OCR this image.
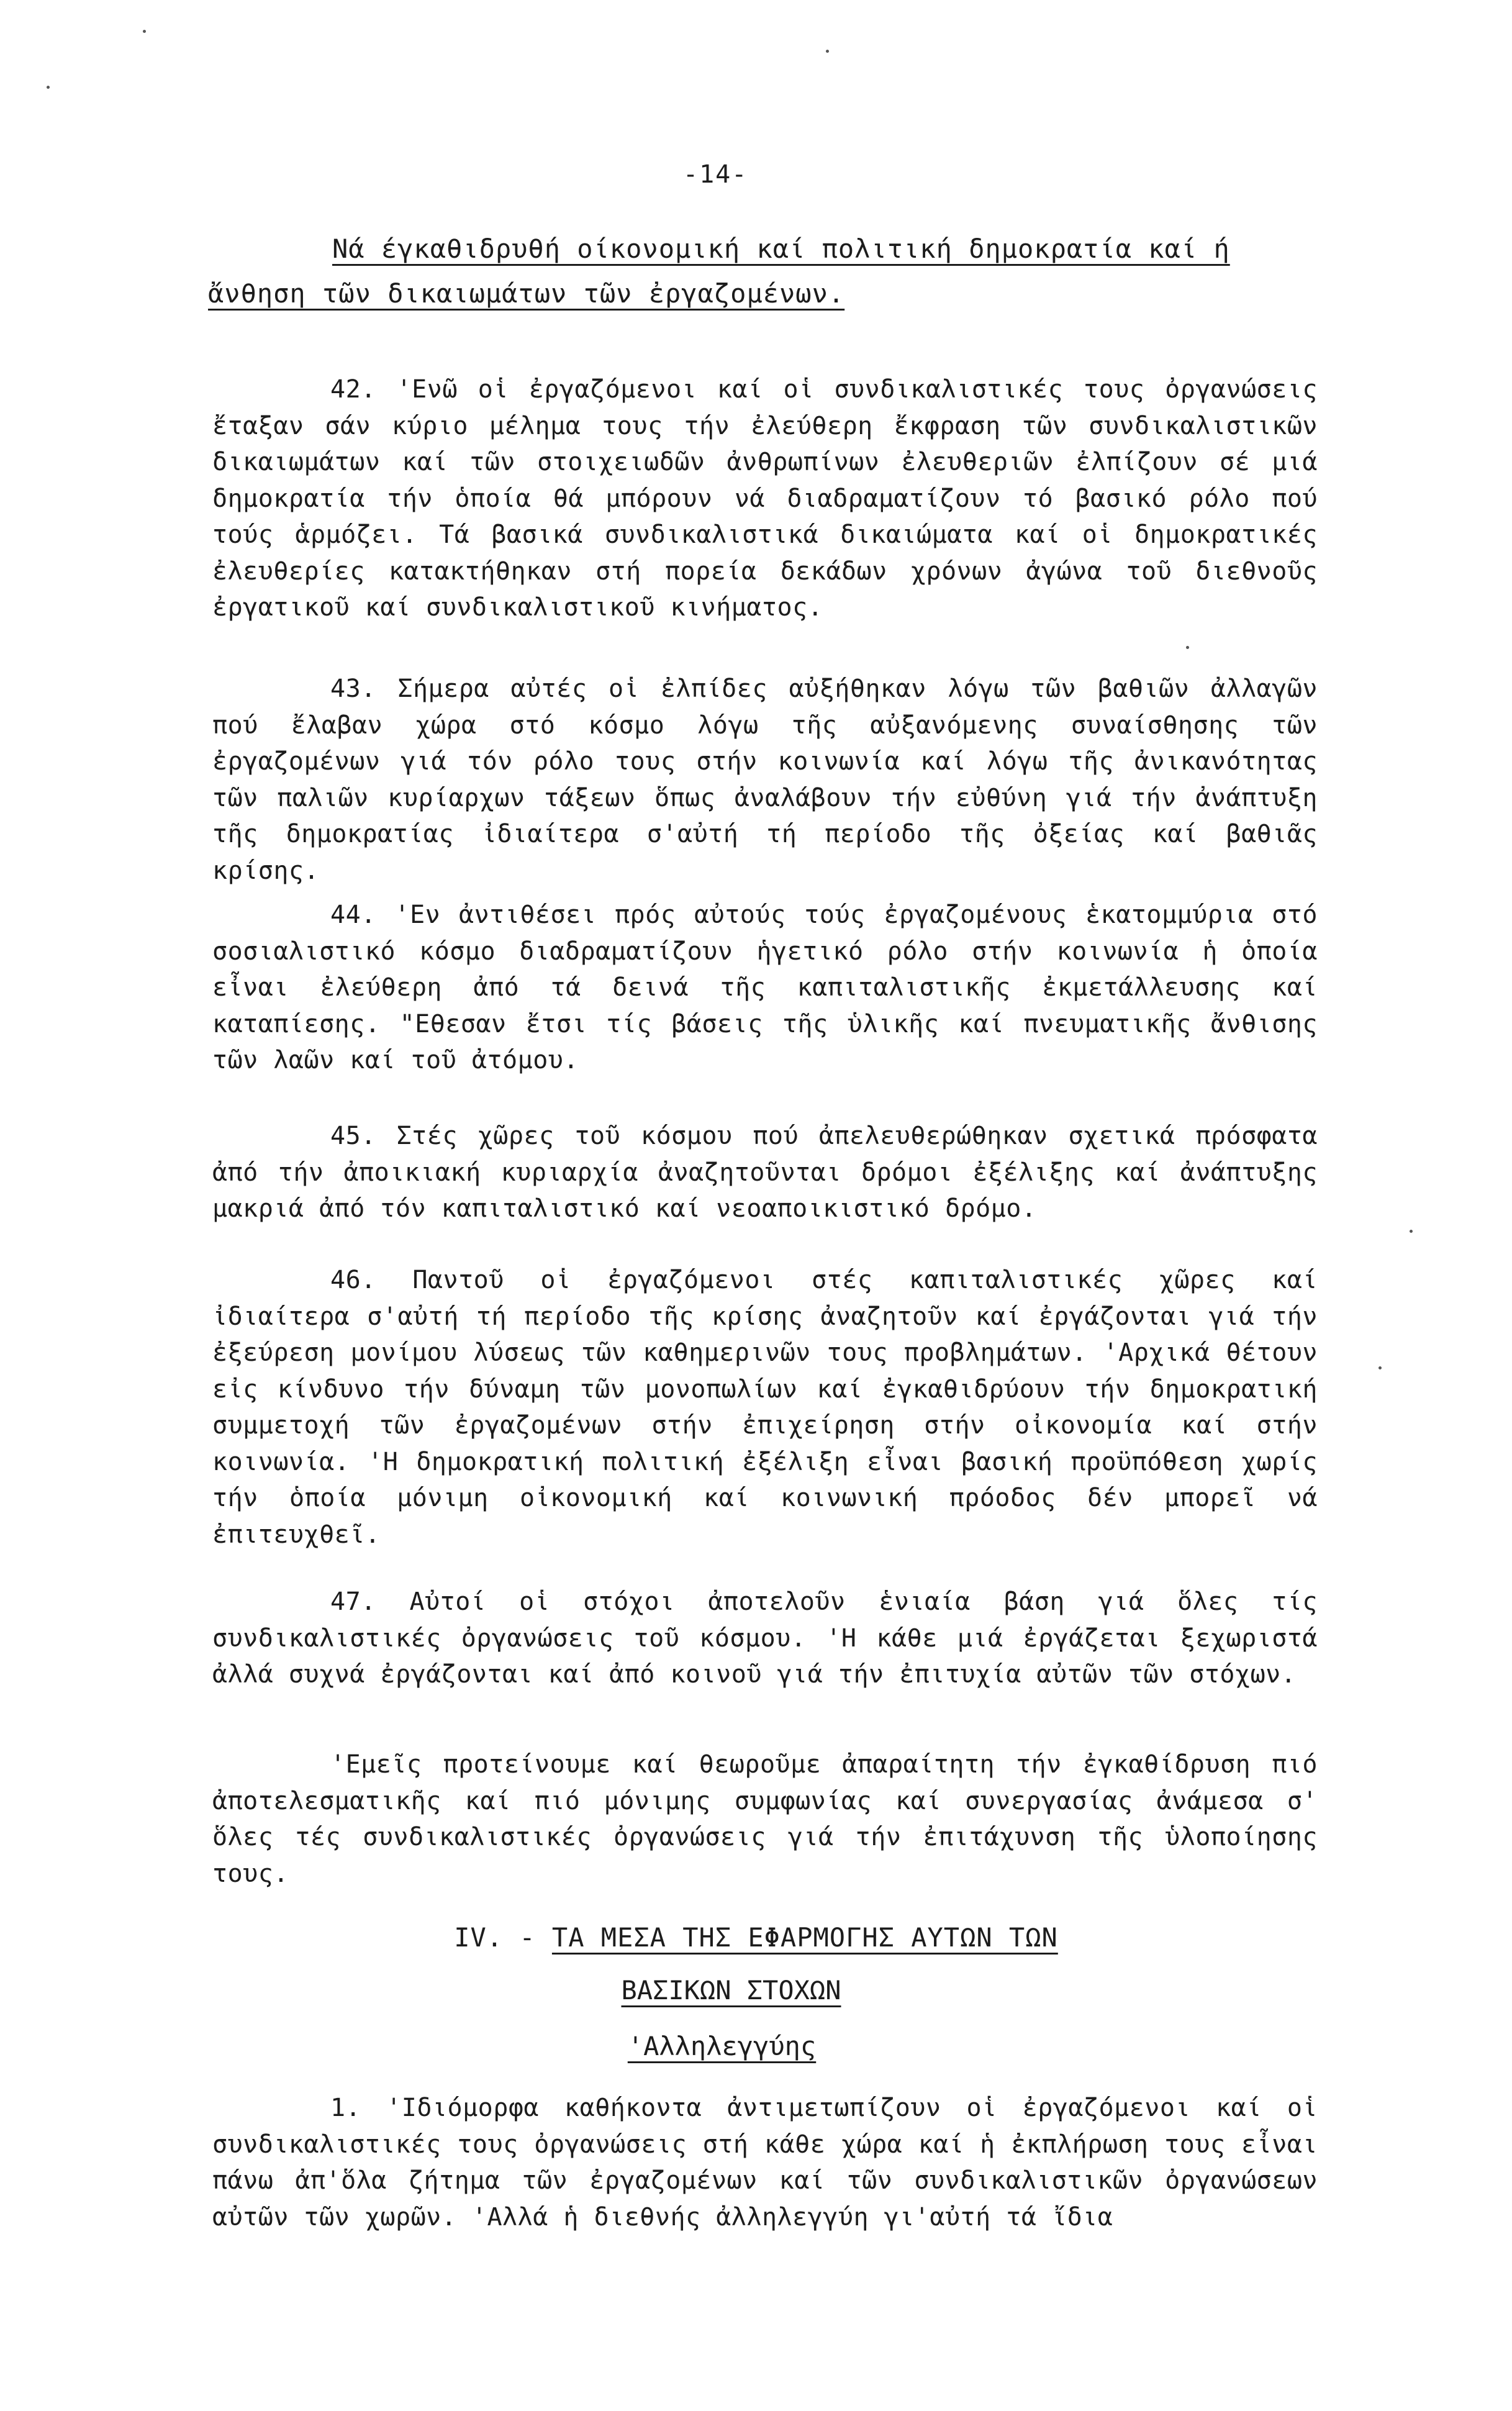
-14-
Νά έγκαθιδρυθή οίκονομική καί πολιτική δημοκρατία καί ή
ἄνθηση τῶν δικαιωμάτων τῶν ἐργαζομένων.

42. 'Ενῶ οἱ ἐργαζόμενοι καί οἱ συνδικαλιστικές τους ὀργανώσεις ἔταξαν σάν κύριο μέλημα τους τήν ἐλεύθερη ἔκφραση τῶν συνδικαλιστικῶν δικαιωμάτων καί τῶν στοιχειωδῶν ἀνθρωπίνων ἐλευθεριῶν ἐλπίζουν σέ μιά δημοκρατία τήν ὁποία θά μπόρουν νά διαδραματίζουν τό βασικό ρόλο πού τούς ἁρμόζει. Τά βασικά συνδικαλιστικά δικαιώματα καί οἱ δημοκρατικές ἐλευθερίες κατακτήθηκαν στή πορεία δεκάδων χρόνων ἀγώνα τοῦ διεθνοῦς ἐργατικοῦ καί συνδικαλιστικοῦ κινήματος.

43. Σήμερα αὐτές οἱ ἐλπίδες αὐξήθηκαν λόγω τῶν βαθιῶν ἀλλαγῶν πού ἔλαβαν χώρα στό κόσμο λόγω τῆς αὐξανόμενης συναίσθησης τῶν ἐργαζομένων γιά τόν ρόλο τους στήν κοινωνία καί λόγω τῆς ἀνικανότητας τῶν παλιῶν κυρίαρχων τάξεων ὅπως ἀναλάβουν τήν εὐθύνη γιά τήν ἀνάπτυξη τῆς δημοκρατίας ἰδιαίτερα σ'αὐτή τή περίοδο τῆς ὀξείας καί βαθιᾶς κρίσης.

44. 'Εν ἀντιθέσει πρός αὐτούς τούς ἐργαζομένους ἑκατομμύρια στό σοσιαλιστικό κόσμο διαδραματίζουν ἡγετικό ρόλο στήν κοινωνία ἡ ὁποία εἶναι ἐλεύθερη ἀπό τά δεινά τῆς καπιταλιστικῆς ἐκμετάλλευσης καί καταπίεσης. "Εθεσαν ἔτσι τίς βάσεις τῆς ὑλικῆς καί πνευματικῆς ἄνθισης τῶν λαῶν καί τοῦ ἀτόμου.

45. Στές χῶρες τοῦ κόσμου πού ἀπελευθερώθηκαν σχετικά πρόσφατα ἀπό τήν ἀποικιακή κυριαρχία ἀναζητοῦνται δρόμοι ἐξέλιξης καί ἀνάπτυξης μακριά ἀπό τόν καπιταλιστικό καί νεοαποικιστικό δρόμο.

46. Παντοῦ οἱ ἐργαζόμενοι στές καπιταλιστικές χῶρες καί ἰδιαίτερα σ'αὐτή τή περίοδο τῆς κρίσης ἀναζητοῦν καί ἐργάζονται γιά τήν ἐξεύρεση μονίμου λύσεως τῶν καθημερινῶν τους προβλημάτων. 'Αρχικά θέτουν εἰς κίνδυνο τήν δύναμη τῶν μονοπωλίων καί ἐγκαθιδρύουν τήν δημοκρατική συμμετοχή τῶν ἐργαζομένων στήν ἐπιχείρηση στήν οἰκονομία καί στήν κοινωνία. 'Η δημοκρατική πολιτική ἐξέλιξη εἶναι βασική προϋπόθεση χωρίς τήν ὁποία μόνιμη οἰκονομική καί κοινωνική πρόοδος δέν μπορεῖ νά ἐπιτευχθεῖ.

47. Αὐτοί οἱ στόχοι ἀποτελοῦν ἑνιαία βάση γιά ὅλες τίς συνδικαλιστικές ὀργανώσεις τοῦ κόσμου. 'Η κάθε μιά ἐργάζεται ξεχωριστά ἀλλά συχνά ἐργάζονται καί ἀπό κοινοῦ γιά τήν ἐπιτυχία αὐτῶν τῶν στόχων.

'Εμεῖς προτείνουμε καί θεωροῦμε ἀπαραίτητη τήν ἐγκαθίδρυση πιό ἀποτελεσματικῆς καί πιό μόνιμης συμφωνίας καί συνεργασίας ἀνάμεσα σ' ὅλες τές συνδικαλιστικές ὀργανώσεις γιά τήν ἐπιτάχυνση τῆς ὑλοποίησης τους.

IV. - ΤΑ ΜΕΣΑ ΤΗΣ ΕΦΑΡΜΟΓΗΣ ΑΥΤΩΝ ΤΩΝ
ΒΑΣΙΚΩΝ ΣΤΟΧΩΝ
'Αλληλεγγύης

1. 'Ιδιόμορφα καθήκοντα ἀντιμετωπίζουν οἱ ἐργαζόμενοι καί οἱ συνδικαλιστικές τους ὀργανώσεις στή κάθε χώρα καί ἡ ἐκπλήρωση τους εἶναι πάνω ἀπ'ὅλα ζήτημα τῶν ἐργαζομένων καί τῶν συνδικαλιστικῶν ὀργανώσεων αὐτῶν τῶν χωρῶν. 'Αλλά ἡ διεθνής ἀλληλεγγύη γι'αὐτή τά ἴδια
